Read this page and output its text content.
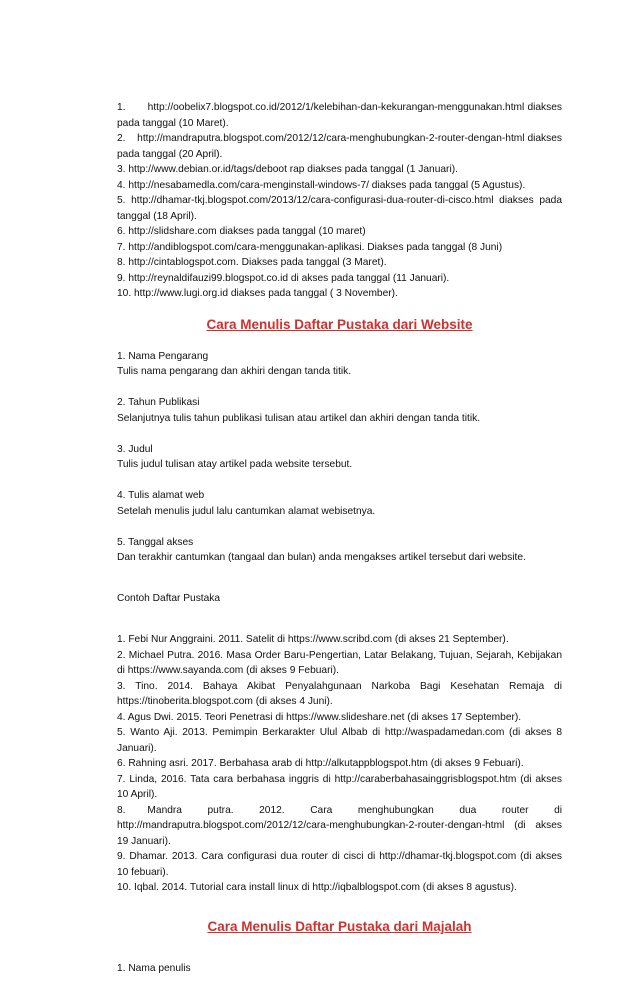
1.       http://oobelix7.blogspot.co.id/2012/1/kelebihan-dan-kekurangan-menggunakan.html diakses pada tanggal (10 Maret).

2.    http://mandraputra.blogspot.com/2012/12/cara-menghubungkan-2-router-dengan-html diakses pada tanggal (20 April).

3. http://www.debian.or.id/tags/deboot rap diakses pada tanggal (1 Januari).

4. http://nesabamedla.com/cara-menginstall-windows-7/ diakses pada tanggal (5 Agustus).

5. http://dhamar-tkj.blogspot.com/2013/12/cara-configurasi-dua-router-di-cisco.html diakses pada tanggal (18 April).

6. http://slidshare.com diakses pada tanggal (10 maret)

7. http://andiblogspot.com/cara-menggunakan-aplikasi. Diakses pada tanggal (8 Juni)

8. http://cintablogspot.com. Diakses pada tanggal (3 Maret).

9. http://reynaldifauzi99.blogspot.co.id di akses pada tanggal (11 Januari).

10. http://www.lugi.org.id diakses pada tanggal ( 3 November).

Cara Menulis Daftar Pustaka dari Website

1. Nama Pengarang

Tulis nama pengarang dan akhiri dengan tanda titik.

2. Tahun Publikasi

Selanjutnya tulis tahun publikasi tulisan atau artikel dan akhiri dengan tanda titik.

3. Judul

Tulis judul tulisan atay artikel pada website tersebut.

4. Tulis alamat web

Setelah menulis judul lalu cantumkan alamat webisetnya.

5. Tanggal akses

Dan terakhir cantumkan (tangaal dan bulan) anda mengakses artikel tersebut dari website.

Contoh Daftar Pustaka

1. Febi Nur Anggraini. 2011. Satelit di https://www.scribd.com (di akses 21 September).

2. Michael Putra. 2016. Masa Order Baru-Pengertian, Latar Belakang, Tujuan, Sejarah, Kebijakan di https://www.sayanda.com (di akses 9 Febuari).

3. Tino. 2014. Bahaya Akibat Penyalahgunaan Narkoba Bagi Kesehatan Remaja di https://tinoberita.blogspot.com (di akses 4 Juni).

4. Agus Dwi. 2015. Teori Penetrasi di https://www.slideshare.net (di akses 17 September).

5. Wanto Aji. 2013. Pemimpin Berkarakter Ulul Albab di http://waspadamedan.com (di akses 8 Januari).

6. Rahning asri. 2017. Berbahasa arab di http://alkutappblogspot.htm (di akses 9 Febuari).

7. Linda, 2016. Tata cara berbahasa inggris di http://caraberbahasainggrisblogspot.htm (di akses 10 April).

8.      Mandra       putra.       2012.       Cara       menghubungkan       dua       router       di http://mandraputra.blogspot.com/2012/12/cara-menghubungkan-2-router-dengan-html (di akses 19 Januari).

9. Dhamar. 2013. Cara configurasi dua router di cisci di http://dhamar-tkj.blogspot.com (di akses 10 febuari).

10. Iqbal. 2014. Tutorial cara install linux di http://iqbalblogspot.com (di akses 8 agustus).

Cara Menulis Daftar Pustaka dari Majalah

1. Nama penulis
